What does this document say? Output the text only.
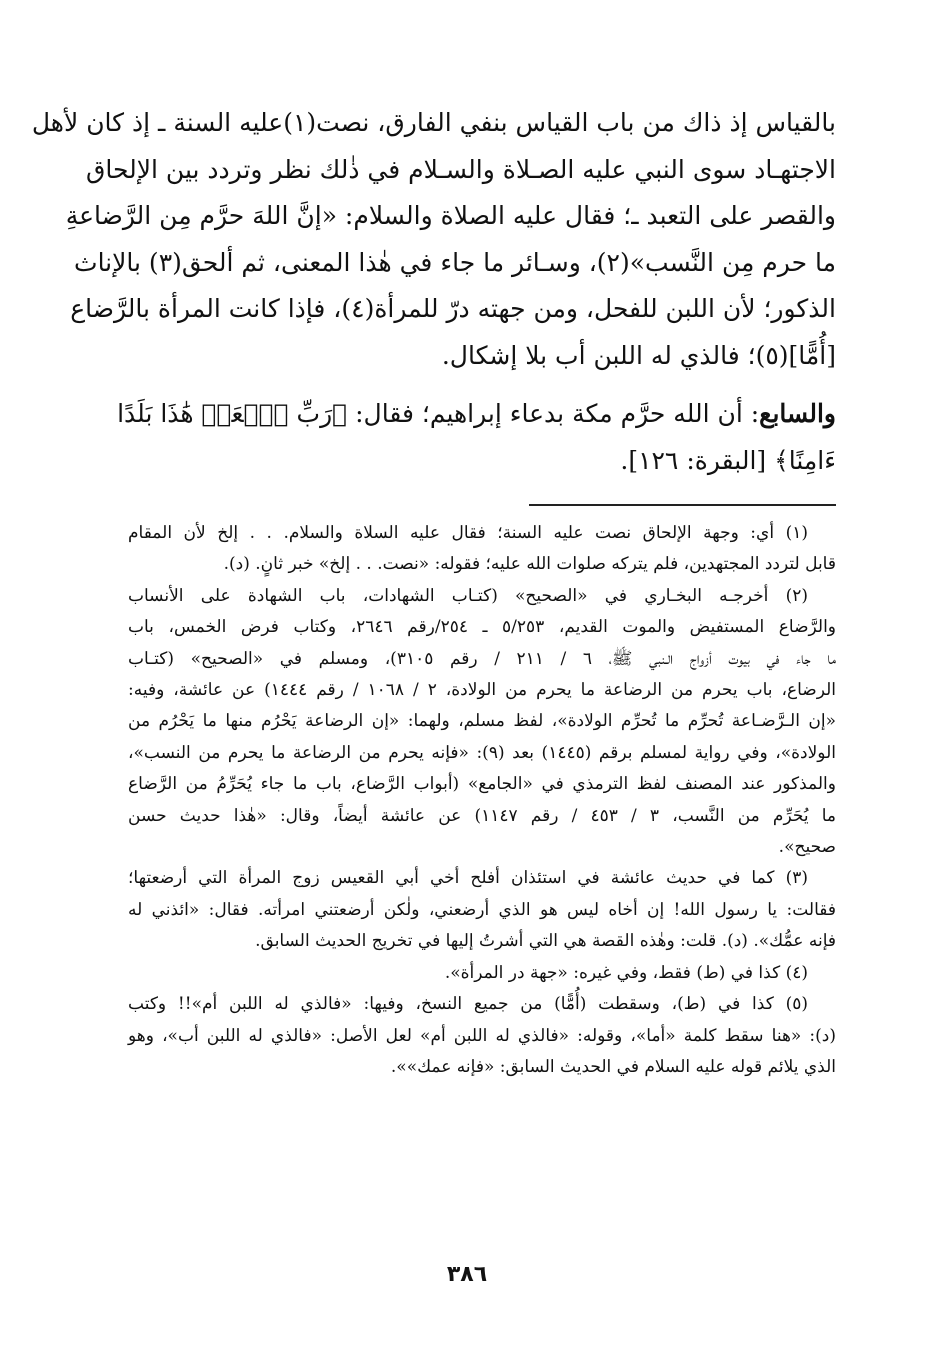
بالقياس إذ ذاك من باب القياس بنفي الفارق، نصت(١)عليه السنة ـ إذ كان لأهل
الاجتهـاد سوى النبي عليه الصـلاة والسـلام في ذٰلك نظر وتردد بين الإلحاق
والقصر على التعبد ـ؛ فقال عليه الصلاة والسلام: «إنَّ اللهَ حرَّم مِن الرَّضاعةِ
ما حرم مِن النَّسب»(٢)، وسـائر ما جاء في هٰذا المعنى، ثم ألحق(٣) بالإناث
الذكور؛ لأن اللبن للفحل، ومن جهته درّ للمرأة(٤)، فإذا كانت المرأة بالرَّضاع
[أُمًّا](٥)؛ فالذي له اللبن أب بلا إشكال.
والسابع: أن الله حرَّم مكة بدعاء إبراهيم؛ فقال: ﴿رَبِّ ٱجۡعَلۡ هَٰذَا بَلَدًا
ءَامِنًا﴾ [البقرة: ١٢٦].
(١) أي: وجهة الإلحاق نصت عليه السنة؛ فقال عليه السلاة والسلام. . . إلخ لأن المقام
قابل لتردد المجتهدين، فلم يتركه صلوات الله عليه؛ فقوله: «نصت. . . إلخ» خبر ثانٍ. (د).
(٢) أخرجـه البخـاري في «الصحيح» (كتـاب الشهادات، باب الشهادة على الأنساب
والرَّضاع المستفيض والموت القديم، ٥/٢٥٣ ـ ٢٥٤/رقم ٢٦٤٦، وكتاب فرض الخمس، باب
ما جاء في بيوت أزواج الـنبي ﷺ، ٦ / ٢١١ / رقم ٣١٠٥)، ومسلم في «الصحيح» (كتـاب
الرضاع، باب يحرم من الرضاعة ما يحرم من الولادة، ٢ / ١٠٦٨ / رقم ١٤٤٤) عن عائشة، وفيه:
«إن الـرَّضـاعة تُحرِّم ما تُحرِّم الولادة»، لفظ مسلم، ولهما: «إن الرضاعة يَحْرُم منها ما يَحْرُم من
الولادة»، وفي رواية لمسلم برقم (١٤٤٥) بعد (٩): «فإنه يحرم من الرضاعة ما يحرم من النسب»،
والمذكور عند المصنف لفظ الترمذي في «الجامع» (أبواب الرَّضاع، باب ما جاء يُحَرِّمُ من الرَّضاع
ما يُحَرِّم من النَّسب، ٣ / ٤٥٣ / رقم ١١٤٧) عن عائشة أيضاً، وقال: «هٰذا حديث حسن
صحيح».
(٣) كما في حديث عائشة في استئذان أفلح أخي أبي القعيس زوج المرأة التي أرضعتها؛
فقالت: يا رسول الله! إن أخاه ليس هو الذي أرضعني، ولٰكن أرضعتني امرأته. فقال: «ائذني له
فإنه عمُّك». (د). قلت: وهٰذه القصة هي التي أشرتُ إليها في تخريج الحديث السابق.
(٤) كذا في (ط) فقط، وفي غيره: «جهة در المرأة».
(٥) كذا في (ط)، وسقطت (أُمًّا) من جميع النسخ، وفيها: «فالذي له اللبن أم»!! وكتب
(د): «هنا سقط كلمة «أما»، وقوله: «فالذي له اللبن أم» لعل الأصل: «فالذي له اللبن أب»، وهو
الذي يلائم قوله عليه السلام في الحديث السابق: «فإنه عمك»».
٣٨٦
